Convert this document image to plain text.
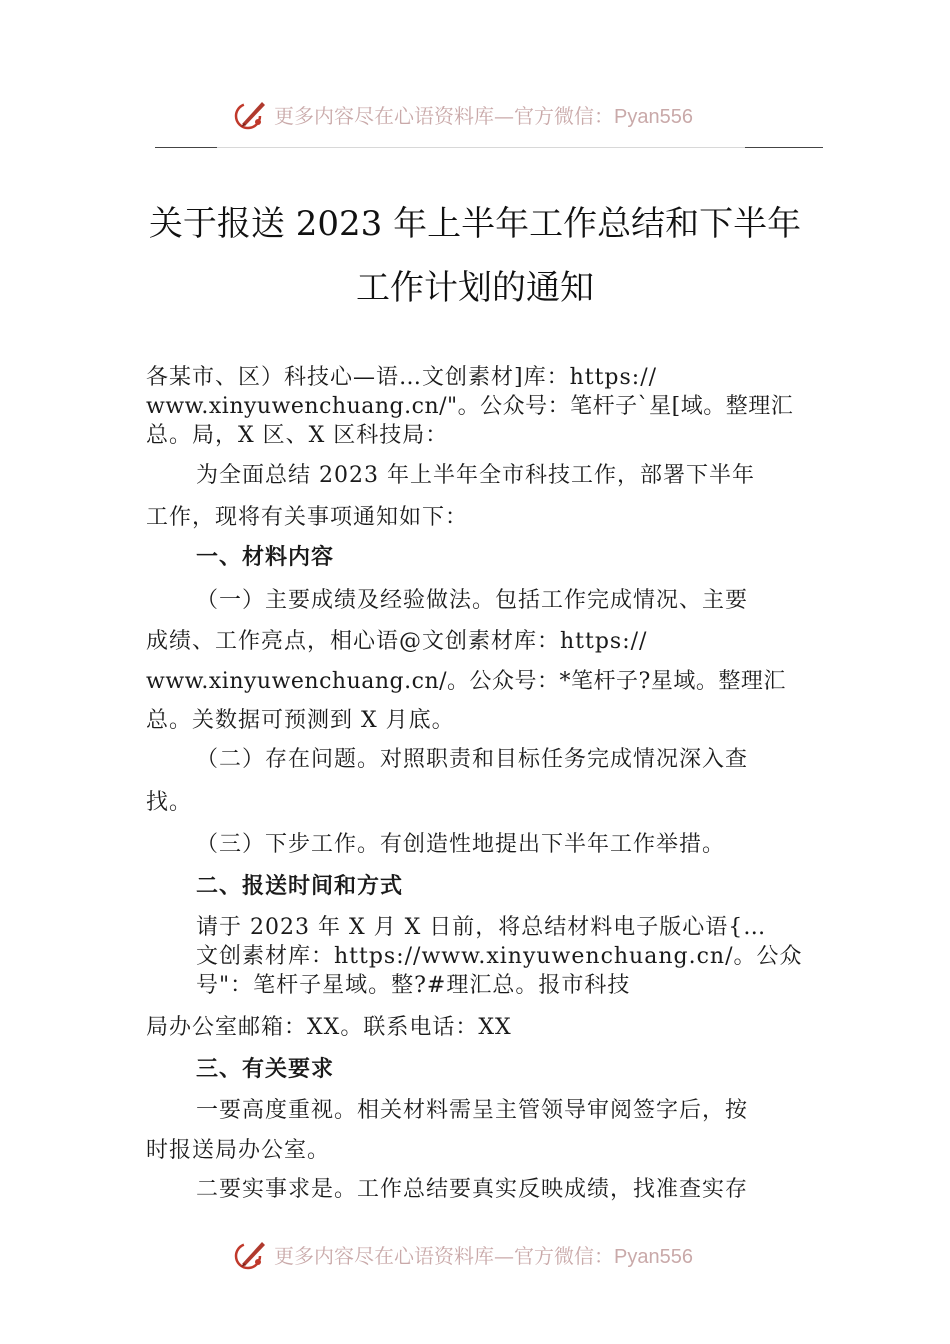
更多内容尽在心语资料库—官方微信：Pyan556
关于报送 2023 年上半年工作总结和下半年
工作计划的通知
各某市、区）科技心—语…文创素材]库：https://
www.xinyuwenchuang.cn/"。公众号：笔杆子`星[域。整理汇
总。局，X 区、X 区科技局：
为全面总结 2023 年上半年全市科技工作，部署下半年
工作，现将有关事项通知如下：
一、材料内容
（一）主要成绩及经验做法。包括工作完成情况、主要
成绩、工作亮点，相心语@文创素材库：https://
www.xinyuwenchuang.cn/。公众号：*笔杆子?星域。整理汇
总。关数据可预测到 X 月底。
（二）存在问题。对照职责和目标任务完成情况深入查
找。
（三）下步工作。有创造性地提出下半年工作举措。
二、报送时间和方式
请于 2023 年 X 月 X 日前，将总结材料电子版心语{…
文创素材库：https://www.xinyuwenchuang.cn/。公众
号"：笔杆子星域。整?#理汇总。报市科技
局办公室邮箱：XX。联系电话：XX
三、有关要求
一要高度重视。相关材料需呈主管领导审阅签字后，按
时报送局办公室。
二要实事求是。工作总结要真实反映成绩，找准查实存
更多内容尽在心语资料库—官方微信：Pyan556
